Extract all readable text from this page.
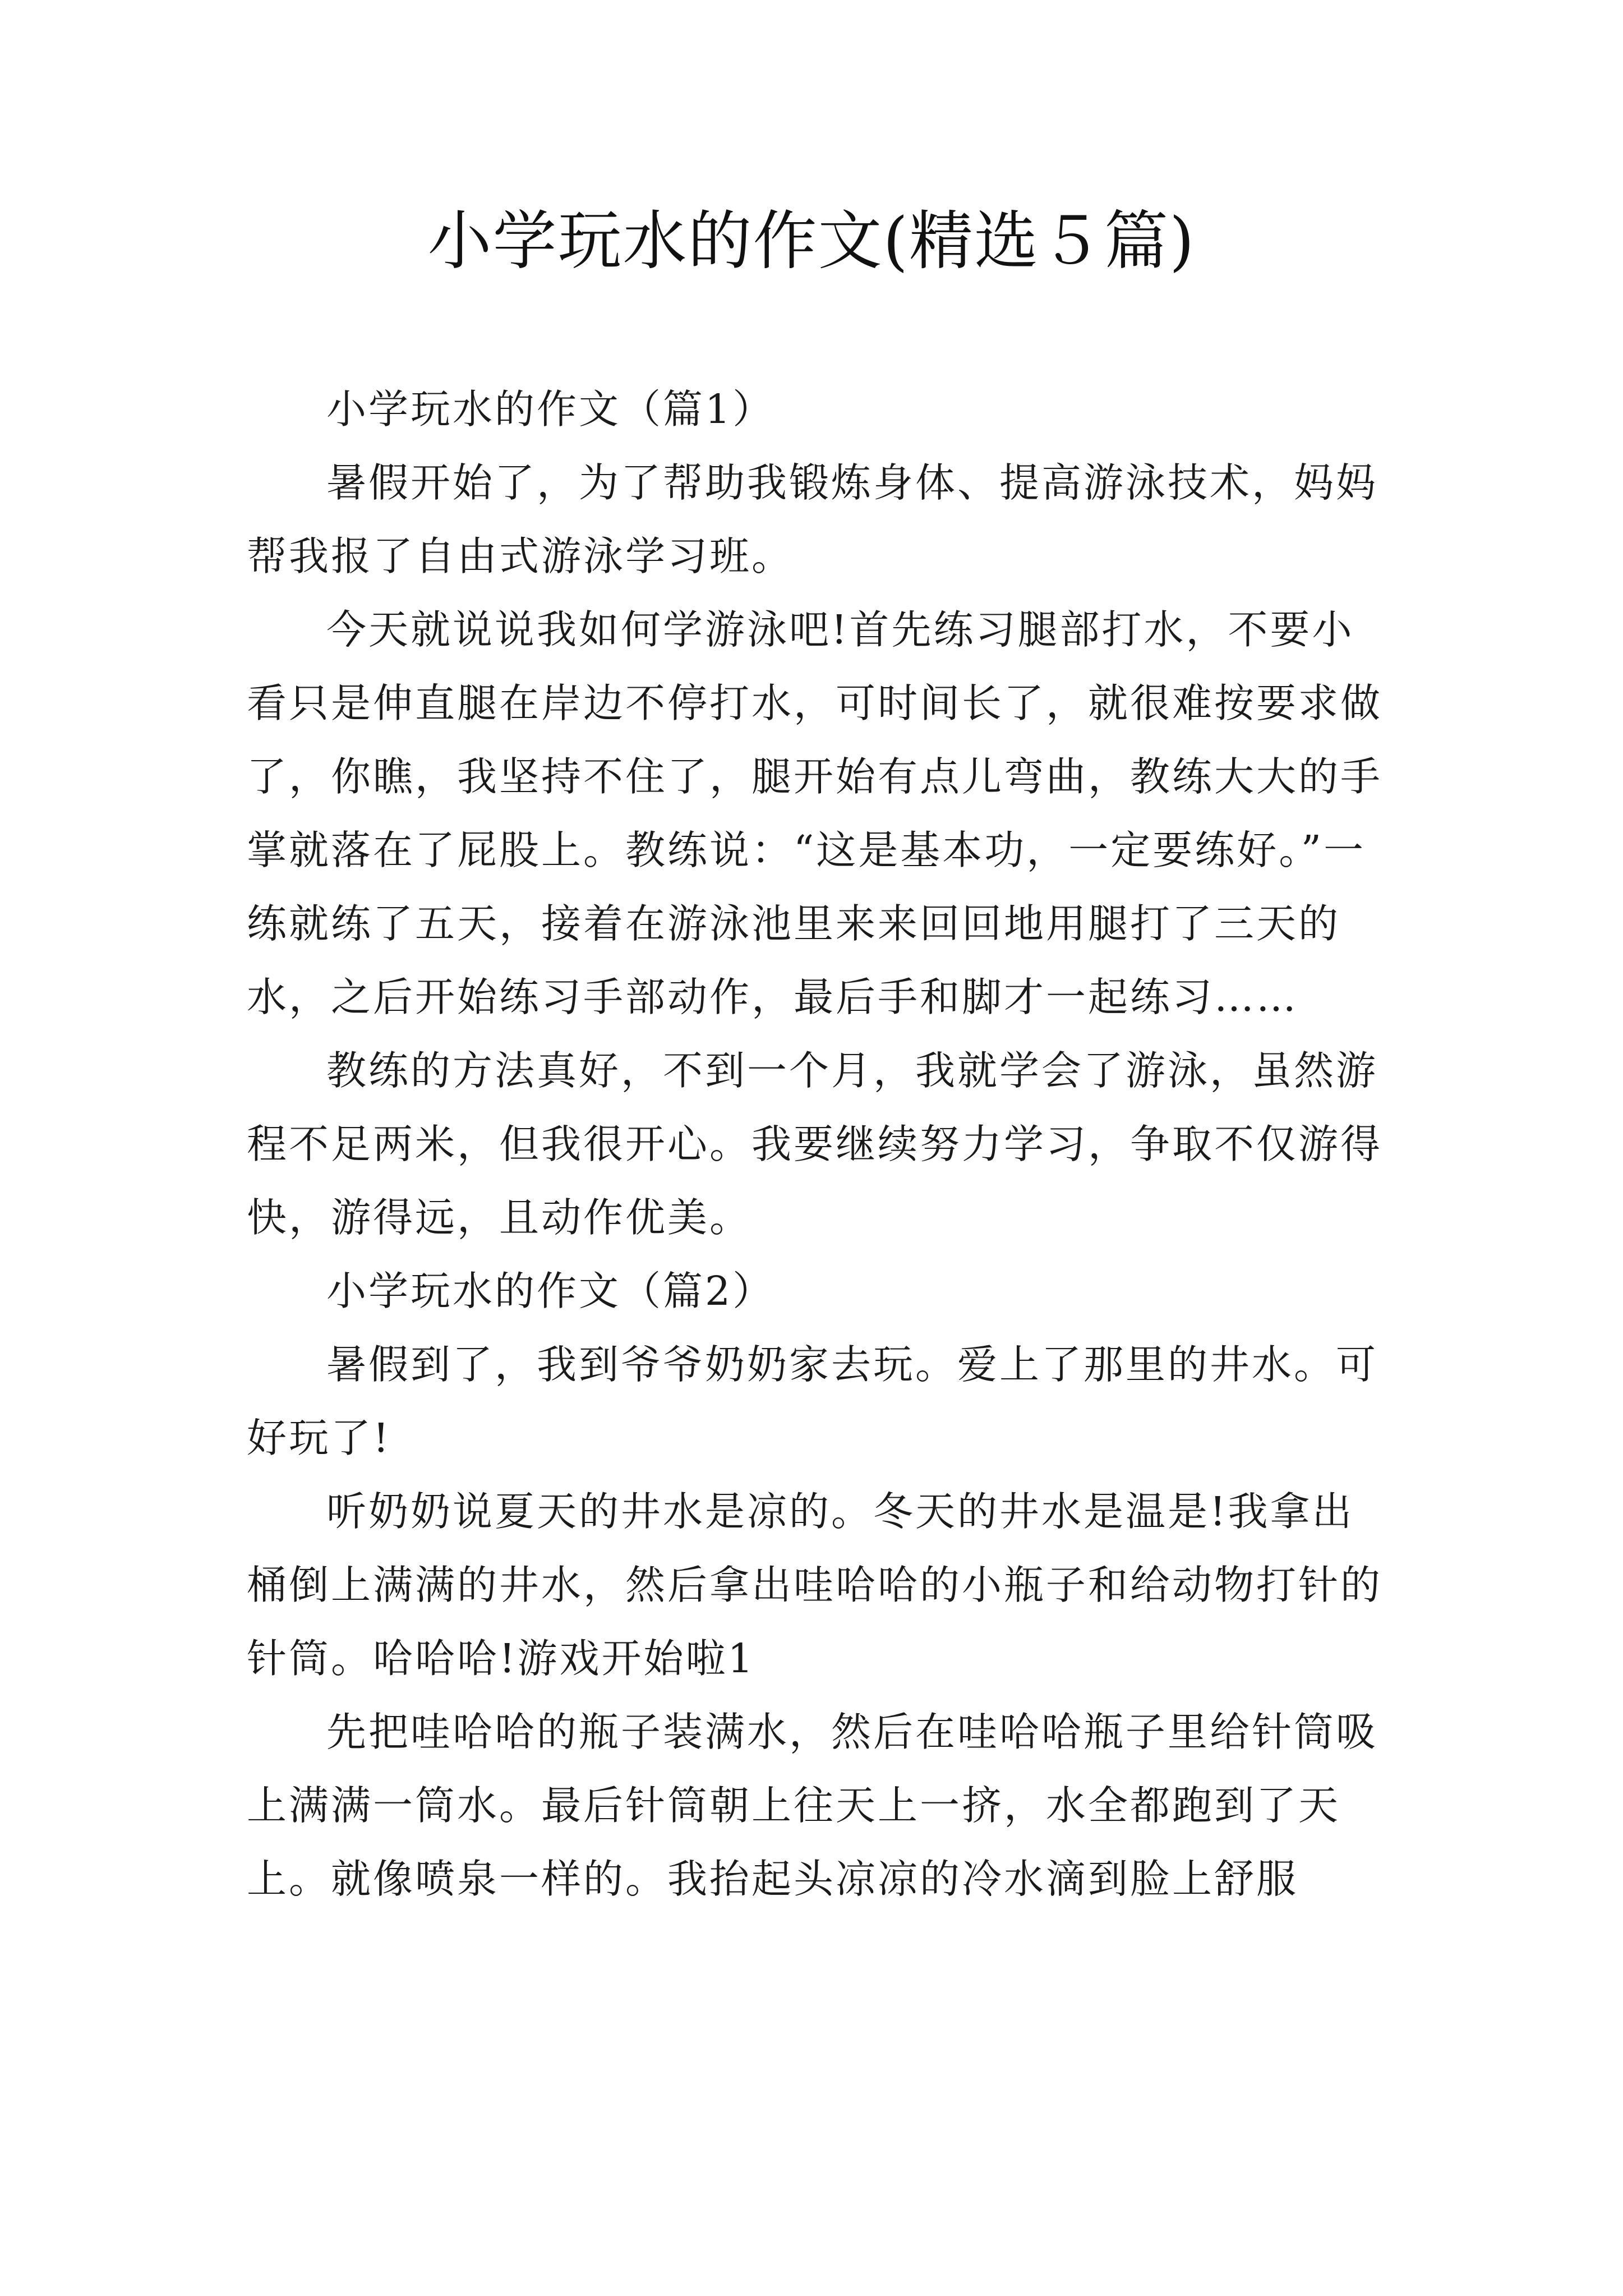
小学玩水的作文(精选５篇)

小学玩水的作文（篇1）

暑假开始了，为了帮助我锻炼身体、提高游泳技术，妈妈帮我报了自由式游泳学习班。

今天就说说我如何学游泳吧!首先练习腿部打水，不要小看只是伸直腿在岸边不停打水，可时间长了，就很难按要求做了，你瞧，我坚持不住了，腿开始有点儿弯曲，教练大大的手掌就落在了屁股上。教练说：“这是基本功，一定要练好。”一练就练了五天，接着在游泳池里来来回回地用腿打了三天的水，之后开始练习手部动作，最后手和脚才一起练习……

教练的方法真好，不到一个月，我就学会了游泳，虽然游程不足两米，但我很开心。我要继续努力学习，争取不仅游得快，游得远，且动作优美。

小学玩水的作文（篇2）

暑假到了，我到爷爷奶奶家去玩。爱上了那里的井水。可好玩了!

听奶奶说夏天的井水是凉的。冬天的井水是温是!我拿出桶倒上满满的井水，然后拿出哇哈哈的小瓶子和给动物打针的针筒。哈哈哈!游戏开始啦1

先把哇哈哈的瓶子装满水，然后在哇哈哈瓶子里给针筒吸上满满一筒水。最后针筒朝上往天上一挤，水全都跑到了天上。就像喷泉一样的。我抬起头凉凉的冷水滴到脸上舒服
